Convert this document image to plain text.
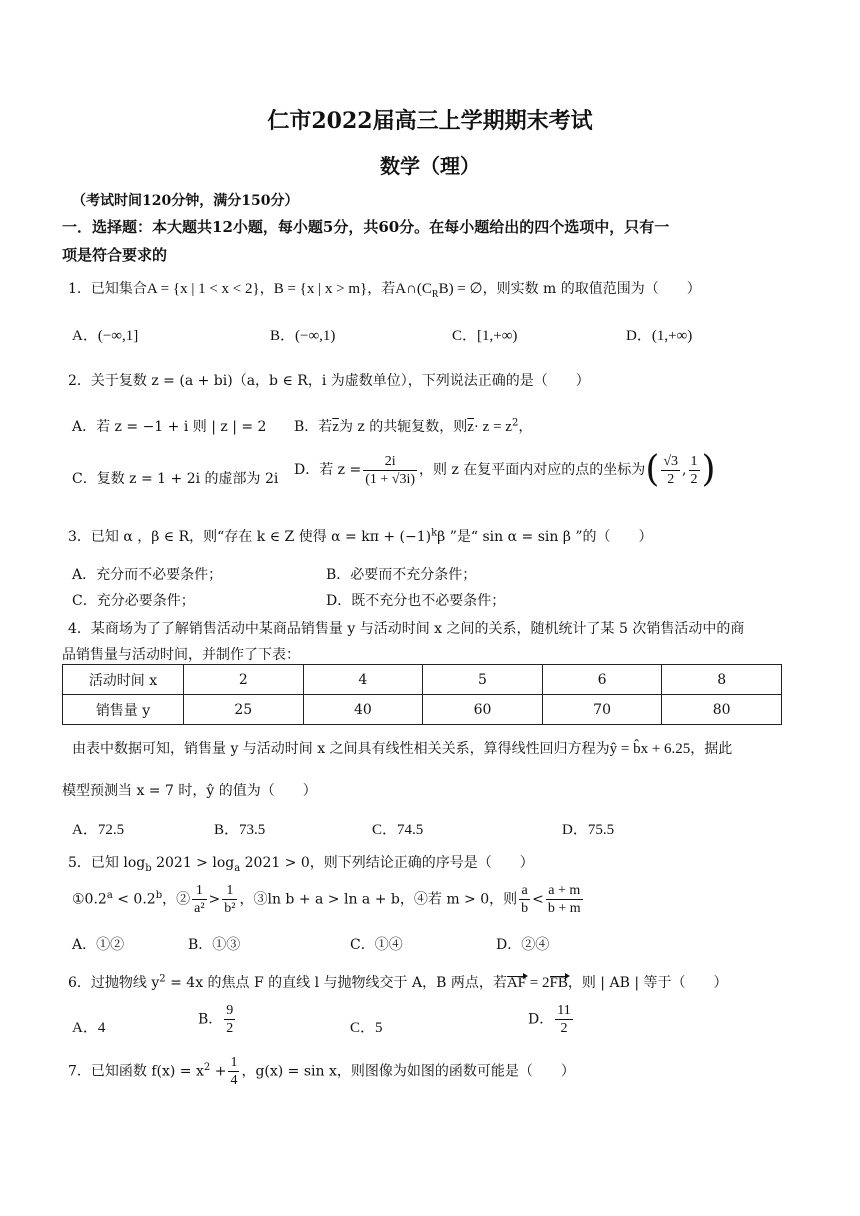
仁市2022届高三上学期期末考试
数学（理）
（考试时间120分钟，满分150分）
一．选择题：本大题共12小题，每小题5分，共60分。在每小题给出的四个选项中，只有一
项是符合要求的
1．已知集合A = {x | 1 < x < 2}，B = {x | x > m}，若$A\cap(C_RB)$ = ∅，则实数 m 的取值范围为（　　）
A．(−∞,1]	B．(−∞,1)	C．[1,+∞)	D．(1,+∞)
2．关于复数 z = (a + bi)（a，b ∈ R，i 为虚数单位），下列说法正确的是（　　）
A．若 z = −1 + i 则 | z | = 2 B．若$\overline{z}$为 z 的共轭复数，则$\overline{z}\cdot z = z^2$，
C．复数 z = 1 + 2i 的虚部为 2i
D．若 $z = \frac{2i}{(1 + √3i)}$ ，则 z 在复平面内对应的点的坐标为( $\frac{√3}{2}$ , $\frac{1}{2}$ )
3．已知 α ，β ∈ R，则“存在 k ∈ Z 使得 $\alpha = k\pi + (-1)^k\beta$ ”是“ sin α = sin β ”的（　　）
A．充分而不必要条件；	B．必要而不充分条件；
C．充分必要条件；	D．既不充分也不必要条件；
4．某商场为了了解销售活动中某商品销售量 y 与活动时间 x 之间的关系，随机统计了某 5 次销售活动中的商
品销售量与活动时间，并制作了下表：
活动时间 x	2	4	5	6	8
销售量 y	25	40	60	70	80
由表中数据可知，销售量 y 与活动时间 x 之间具有线性相关关系，算得线性回归方程为ŷ = b̂x + 6.25，据此
模型预测当 x = 7 时，ŷ 的值为（　　）
A．72.5	B．73.5	C．74.5	D．75.5
5．已知 $\log_b 2021 > \log_a 2021 > 0$，则下列结论正确的序号是（　　）
①0.2$^a$ < 0.2$^b$，② $\frac{1}{\text{a²}} > \frac{1}{\text{b²}}$ ，③ln b + a > ln a + b，④若 m > 0，则 $\frac{a}{b} < \frac{a + m}{b + m}$
A．①②	B．①③	C．①④	D．②④
6．过抛物线 $y^2 = 4x$ 的焦点 F 的直线 l 与抛物线交于 A，B 两点，若AF = 2FB，则 | AB | 等于（　　）
A．4
B． $\frac{9}{2}$	C．5
D． $\frac{11}{2}$
7．已知函数 $f(x) = x^2 + \frac{1}{4}$ ，g(x) = sin x，则图像为如图的函数可能是（　　）
